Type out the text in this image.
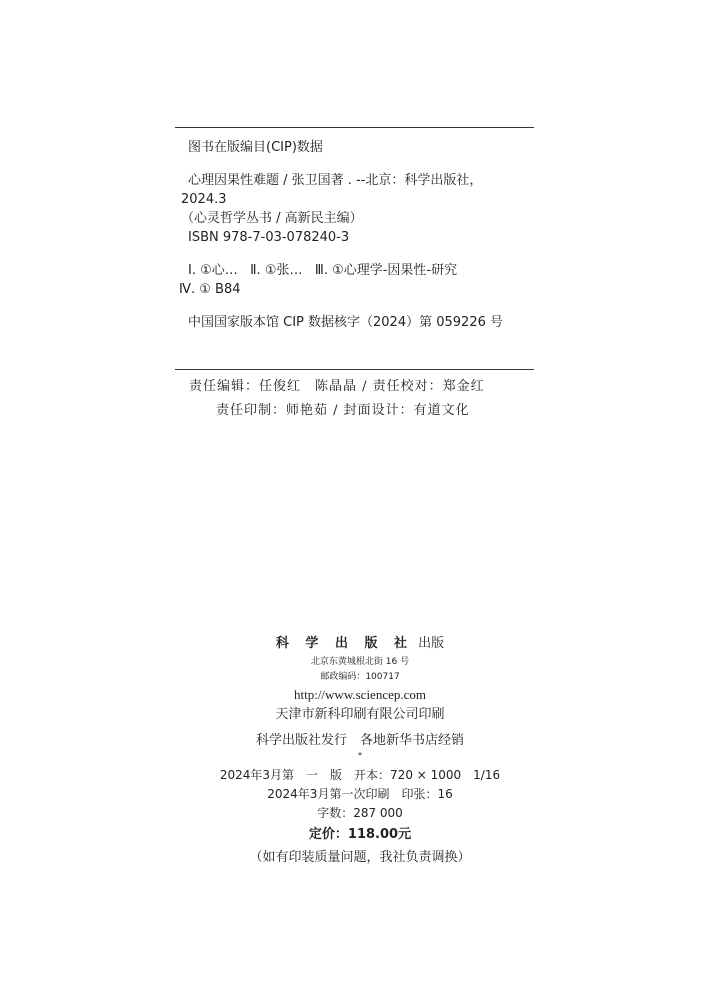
图书在版编目(CIP)数据
心理因果性难题 / 张卫国著 . --北京：科学出版社，
2024.3
（心灵哲学丛书 / 高新民主编）
ISBN 978-7-03-078240-3
Ⅰ. ①心…   Ⅱ. ①张…   Ⅲ. ①心理学-因果性-研究
Ⅳ. ① B84
中国国家版本馆 CIP 数据核字（2024）第 059226 号
责任编辑：任俊红　陈晶晶 / 责任校对：郑金红
责任印制：师艳茹 / 封面设计：有道文化
科 学 出 版 社 出版
北京东黄城根北街 16 号
邮政编码：100717
http://www.sciencep.com
天津市新科印刷有限公司印刷
科学出版社发行　各地新华书店经销
*
2024年3月第　一　版　开本：720 × 1000　1/16
2024年3月第一次印刷　印张：16
字数：287 000
定价：118.00元
（如有印装质量问题，我社负责调换）
